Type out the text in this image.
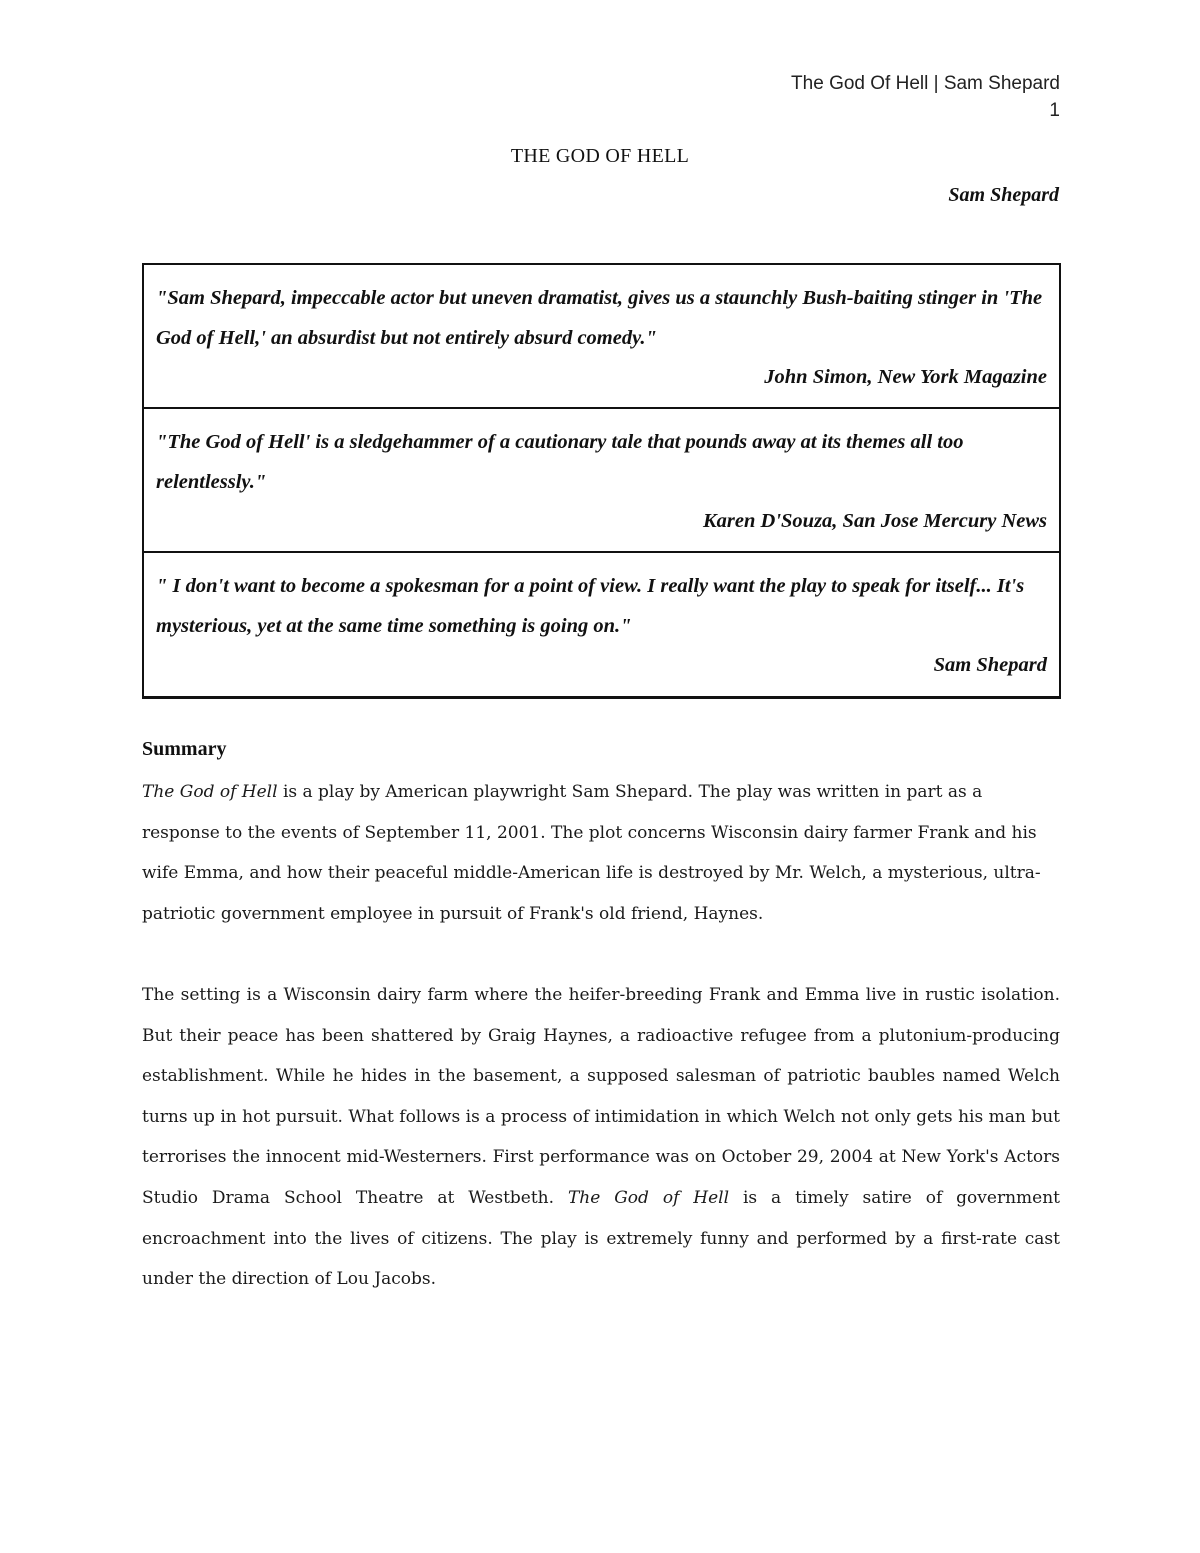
The God Of Hell | Sam Shepard
1
THE GOD OF HELL
Sam Shepard

"Sam Shepard, impeccable actor but uneven dramatist, gives us a staunchly Bush-baiting stinger in 'The God of Hell,' an absurdist but not entirely absurd comedy."

John Simon, New York Magazine

"The God of Hell' is a sledgehammer of a cautionary tale that pounds away at its themes all too relentlessly."

Karen D'Souza, San Jose Mercury News

" I don't want to become a spokesman for a point of view. I really want the play to speak for itself... It's mysterious, yet at the same time something is going on."

Sam Shepard

Summary

The God of Hell is a play by American playwright Sam Shepard. The play was written in part as a response to the events of September 11, 2001. The plot concerns Wisconsin dairy farmer Frank and his wife Emma, and how their peaceful middle-American life is destroyed by Mr. Welch, a mysterious, ultra-patriotic government employee in pursuit of Frank's old friend, Haynes.

The setting is a Wisconsin dairy farm where the heifer-breeding Frank and Emma live in rustic isolation. But their peace has been shattered by Graig Haynes, a radioactive refugee from a plutonium-producing establishment. While he hides in the basement, a supposed salesman of patriotic baubles named Welch turns up in hot pursuit. What follows is a process of intimidation in which Welch not only gets his man but terrorises the innocent mid-Westerners. First performance was on October 29, 2004 at New York's Actors Studio Drama School Theatre at Westbeth. The God of Hell is a timely satire of government encroachment into the lives of citizens. The play is extremely funny and performed by a first-rate cast under the direction of Lou Jacobs.
